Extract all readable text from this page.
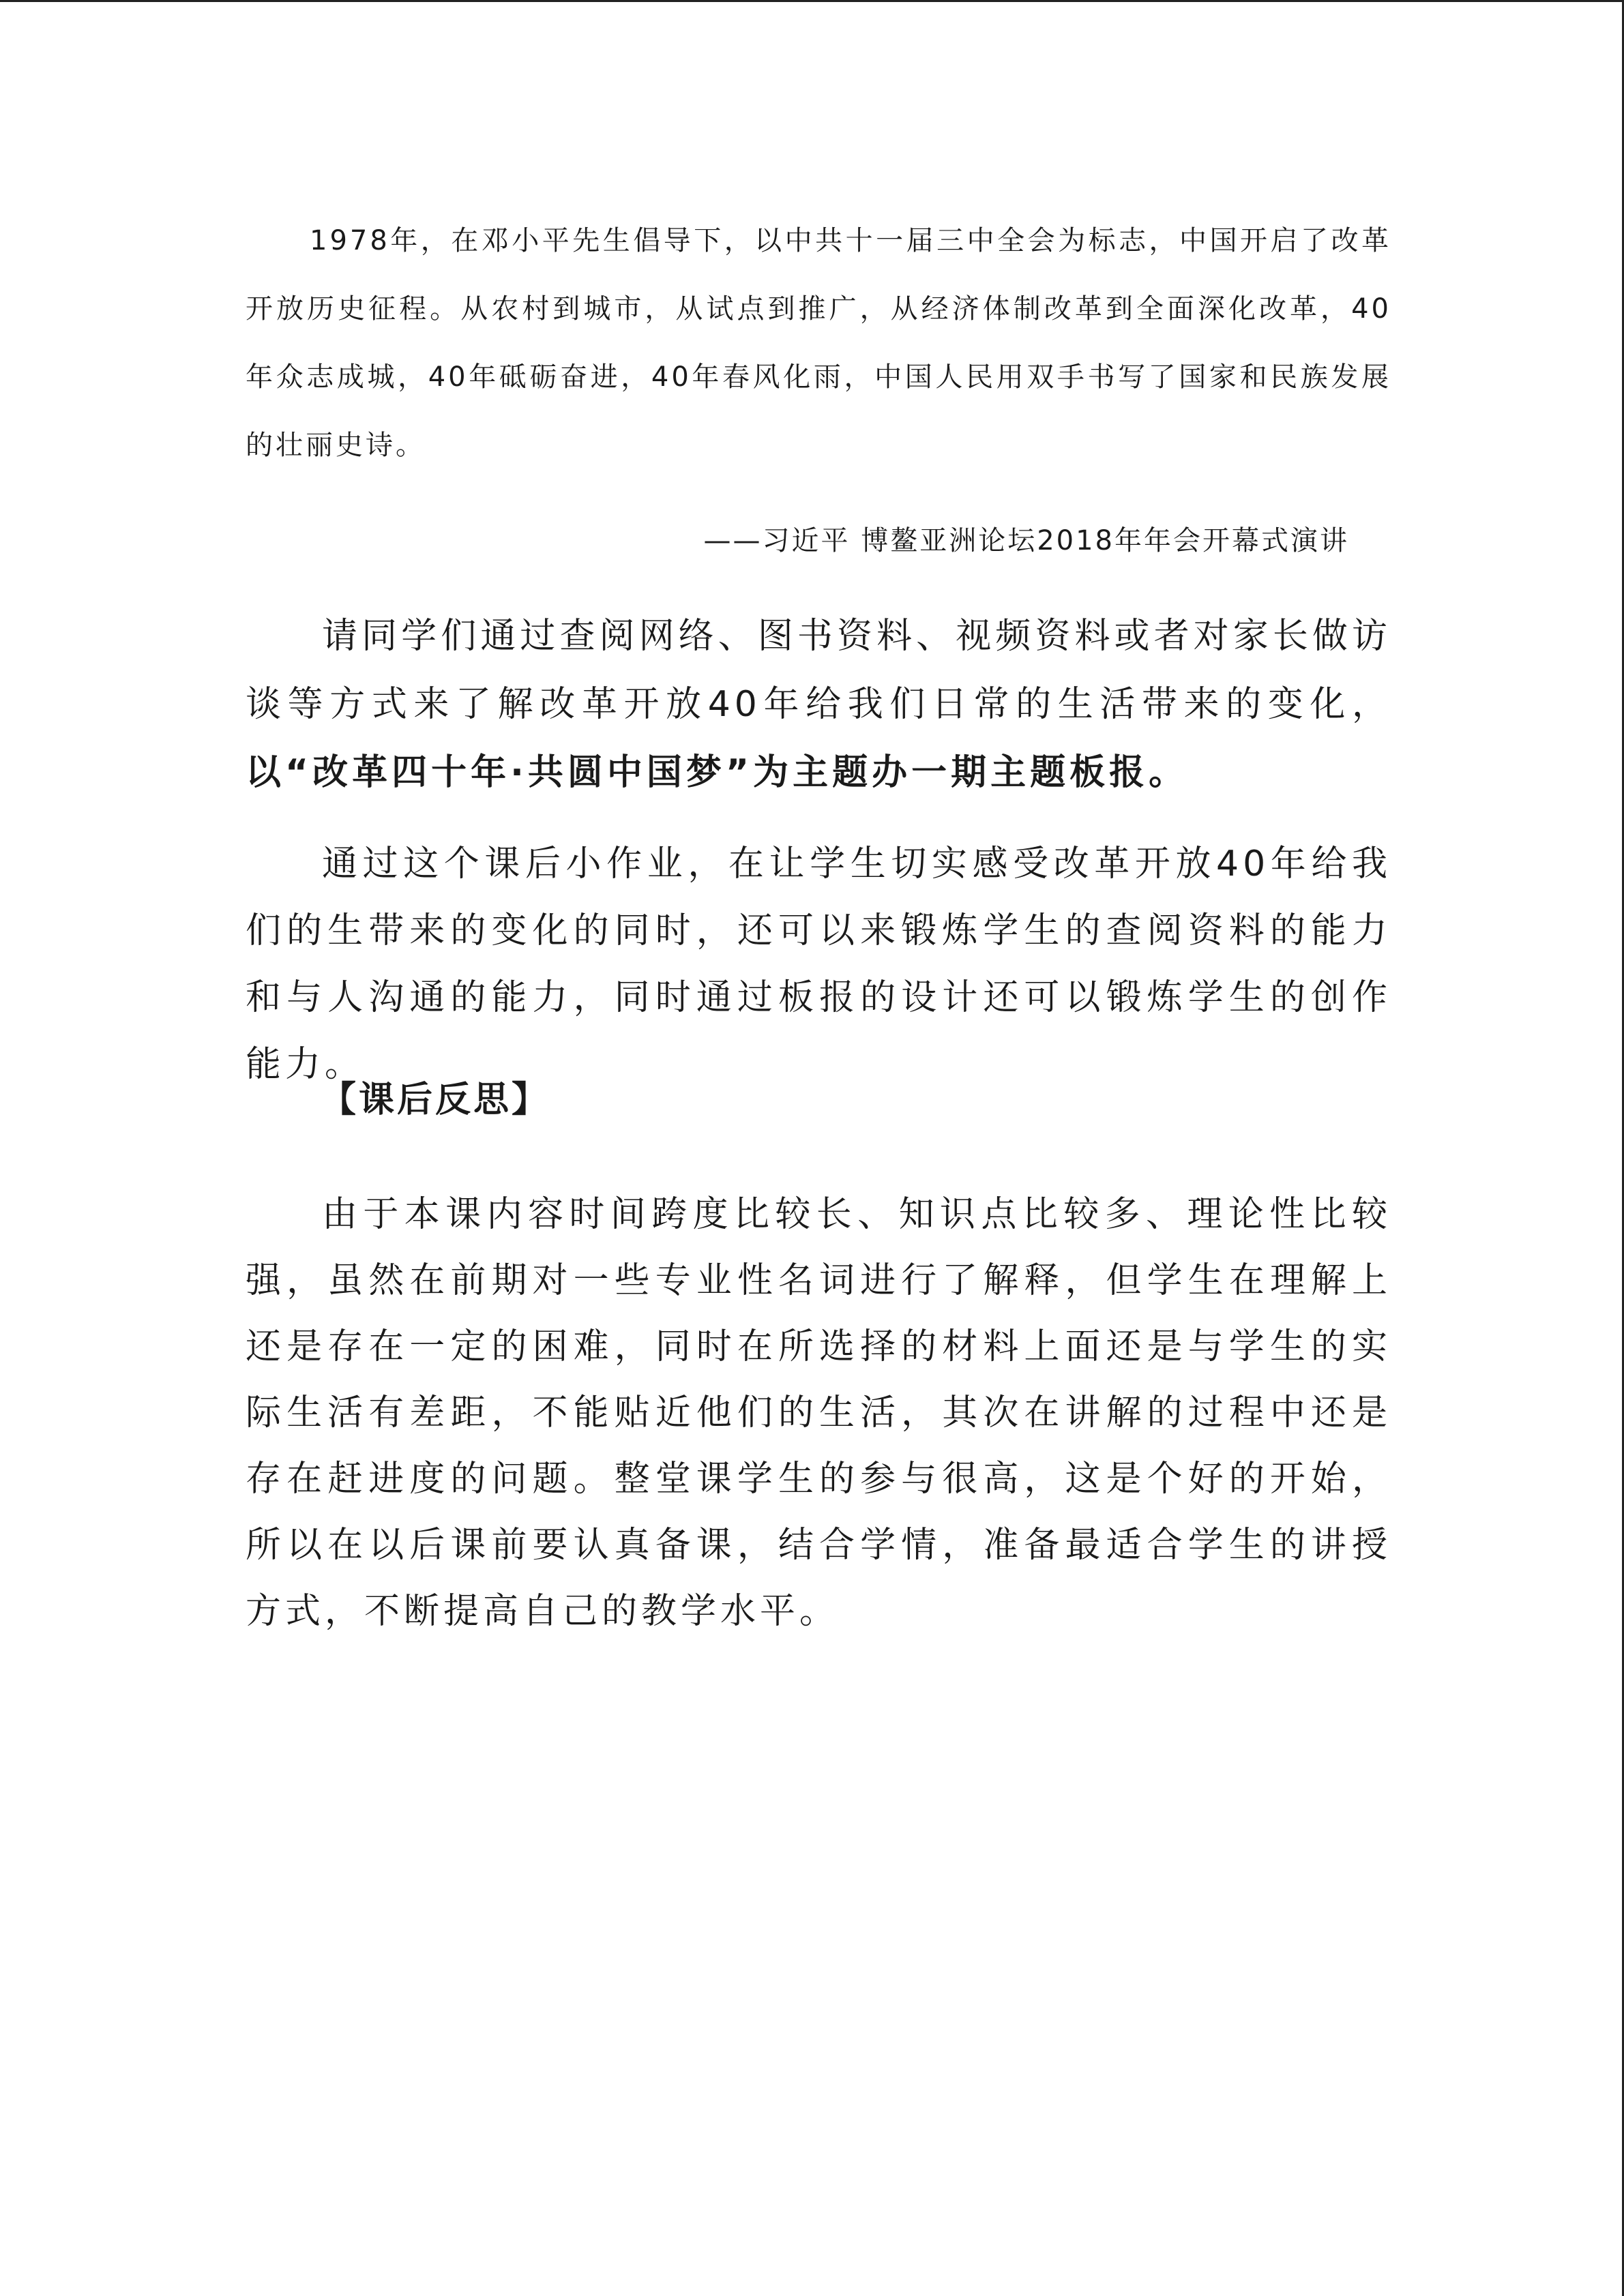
1978年，在邓小平先生倡导下，以中共十一届三中全会为标志，中国开启了改革开放历史征程。从农村到城市，从试点到推广，从经济体制改革到全面深化改革，40年众志成城，40年砥砺奋进，40年春风化雨，中国人民用双手书写了国家和民族发展的壮丽史诗。

——习近平 博鳌亚洲论坛2018年年会开幕式演讲

请同学们通过查阅网络、图书资料、视频资料或者对家长做访谈等方式来了解改革开放40年给我们日常的生活带来的变化，以“改革四十年·共圆中国梦”为主题办一期主题板报。

通过这个课后小作业，在让学生切实感受改革开放40年给我们的生带来的变化的同时，还可以来锻炼学生的查阅资料的能力和与人沟通的能力，同时通过板报的设计还可以锻炼学生的创作能力。

【课后反思】

由于本课内容时间跨度比较长、知识点比较多、理论性比较强，虽然在前期对一些专业性名词进行了解释，但学生在理解上还是存在一定的困难，同时在所选择的材料上面还是与学生的实际生活有差距，不能贴近他们的生活，其次在讲解的过程中还是存在赶进度的问题。整堂课学生的参与很高，这是个好的开始，所以在以后课前要认真备课，结合学情，准备最适合学生的讲授方式，不断提高自己的教学水平。
